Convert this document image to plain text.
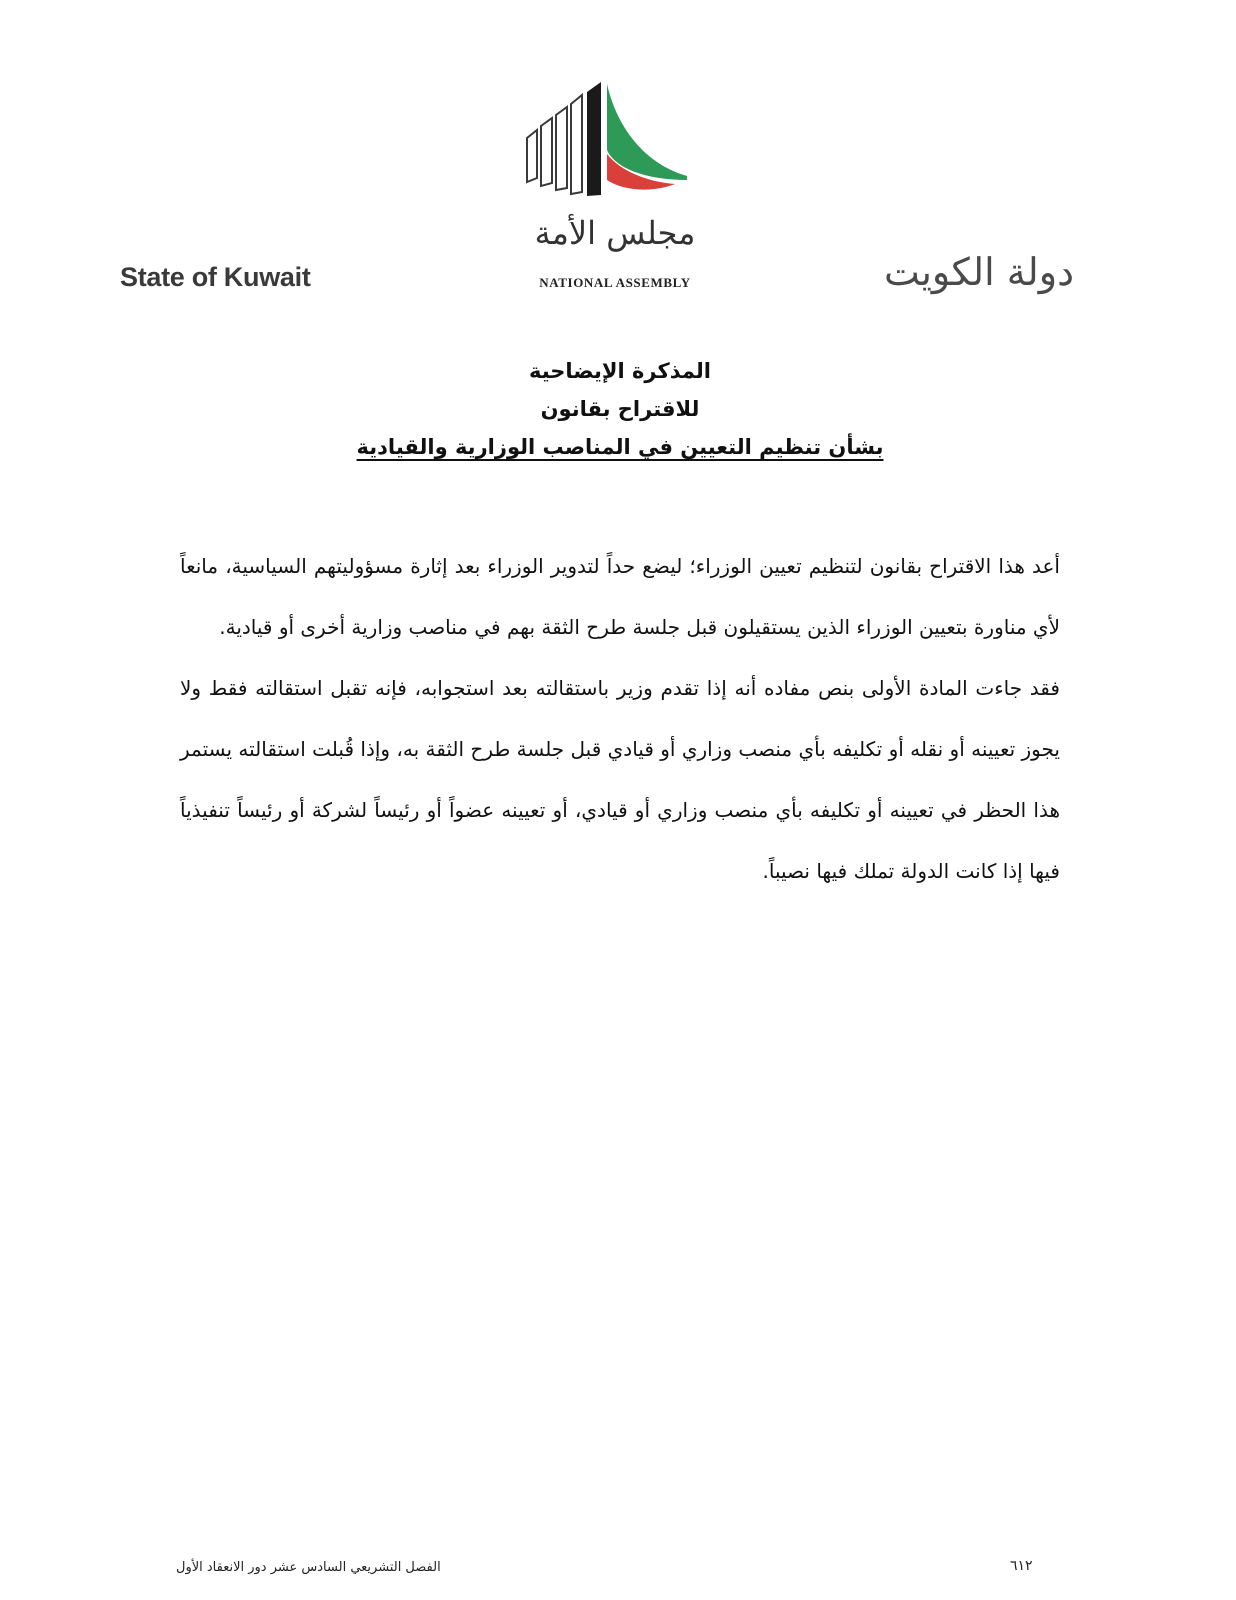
State of Kuwait
مجلس الأمة
NATIONAL ASSEMBLY	دولة الكويت
المذكرة الإيضاحية
للاقتراح بقانون
بشأن تنظيم التعيين في المناصب الوزارية والقيادية

أعد هذا الاقتراح بقانون لتنظيم تعيين الوزراء؛ ليضع حداً لتدوير الوزراء بعد إثارة مسؤوليتهم السياسية، مانعاً لأي مناورة بتعيين الوزراء الذين يستقيلون قبل جلسة طرح الثقة بهم في مناصب وزارية أخرى أو قيادية.

فقد جاءت المادة الأولى بنص مفاده أنه إذا تقدم وزير باستقالته بعد استجوابه، فإنه تقبل استقالته فقط ولا يجوز تعيينه أو نقله أو تكليفه بأي منصب وزاري أو قيادي قبل جلسة طرح الثقة به، وإذا قُبلت استقالته يستمر هذا الحظر في تعيينه أو تكليفه بأي منصب وزاري أو قيادي، أو تعيينه عضواً أو رئيساً لشركة أو رئيساً تنفيذياً فيها إذا كانت الدولة تملك فيها نصيباً.

الفصل التشريعي السادس عشر دور الانعقاد الأول	٦١٢
